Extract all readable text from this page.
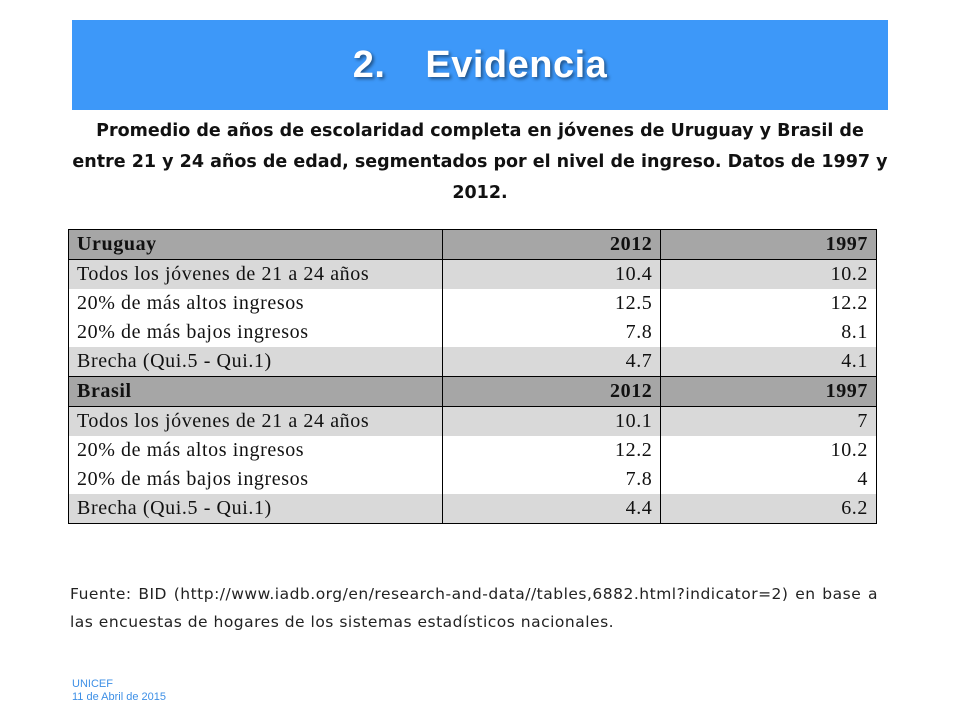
2. Evidencia
Promedio de años de escolaridad completa en jóvenes de Uruguay y Brasil de entre 21 y 24 años de edad, segmentados por el nivel de ingreso. Datos de 1997 y 2012.
Uruguay	2012	1997
Todos los jóvenes de 21 a 24 años	10.4	10.2
20% de más altos ingresos	12.5	12.2
20% de más bajos ingresos	7.8	8.1
Brecha (Qui.5 - Qui.1)	4.7	4.1
Brasil	2012	1997
Todos los jóvenes de 21 a 24 años	10.1	7
20% de más altos ingresos	12.2	10.2
20% de más bajos ingresos	7.8	4
Brecha (Qui.5 - Qui.1)	4.4	6.2
Fuente: BID (http://www.iadb.org/en/research-and-data//tables,6882.html?indicator=2) en base a las encuestas de hogares de los sistemas estadísticos nacionales.
UNICEF
11 de Abril de 2015
